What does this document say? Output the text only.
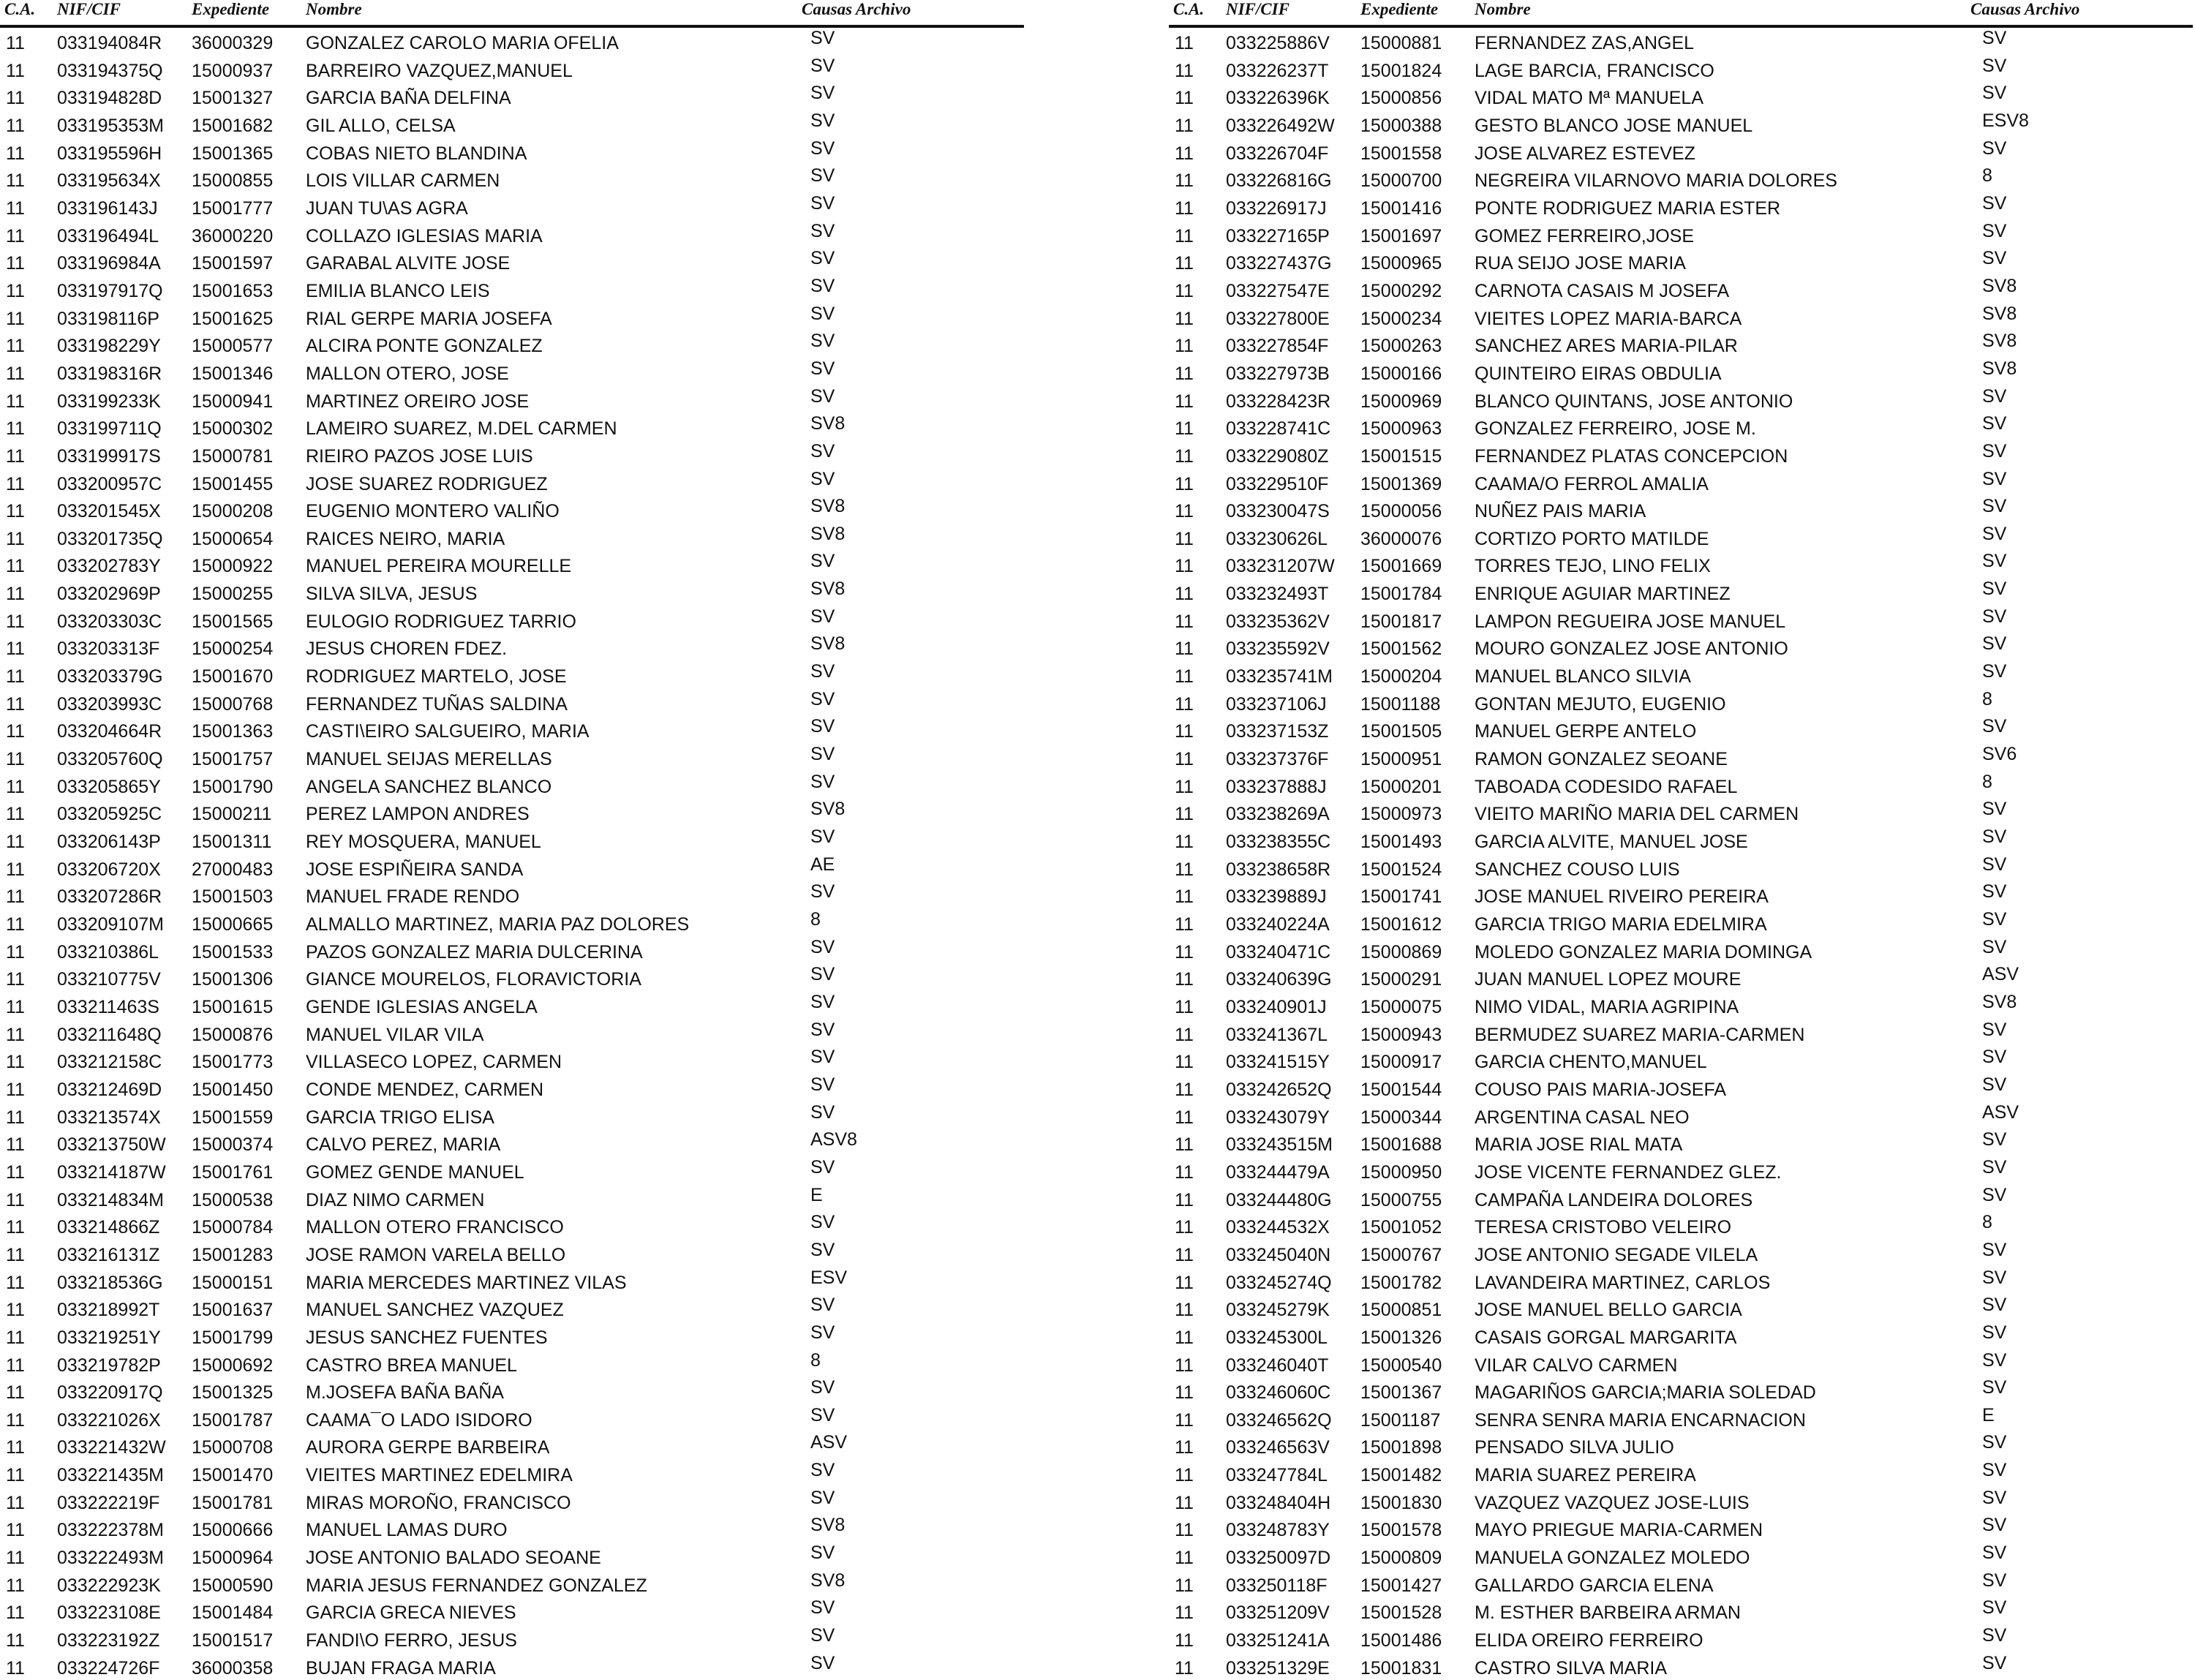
C.A. NIF/CIF	Expediente Nombre	Causas Archivo
11 033194084R 36000329 GONZALEZ CAROLO MARIA OFELIA	SV
11 033194375Q 15000937 BARREIRO VAZQUEZ,MANUEL	SV
11 033194828D 15001327 GARCIA BAÑA DELFINA	SV
11 033195353M 15001682 GIL ALLO, CELSA	SV
11 033195596H 15001365 COBAS NIETO BLANDINA	SV
11 033195634X 15000855 LOIS VILLAR CARMEN	SV
11 033196143J 15001777 JUAN TU\AS AGRA	SV
11 033196494L 36000220 COLLAZO IGLESIAS MARIA	SV
11 033196984A 15001597 GARABAL ALVITE JOSE	SV
11 033197917Q 15001653 EMILIA BLANCO LEIS	SV
11 033198116P 15001625 RIAL GERPE MARIA JOSEFA	SV
11 033198229Y 15000577 ALCIRA PONTE GONZALEZ	SV
11 033198316R 15001346 MALLON OTERO, JOSE	SV
11 033199233K 15000941 MARTINEZ OREIRO JOSE	SV
11 033199711Q 15000302 LAMEIRO SUAREZ, M.DEL CARMEN	SV8
11 033199917S 15000781 RIEIRO PAZOS JOSE LUIS	SV
11 033200957C 15001455 JOSE SUAREZ RODRIGUEZ	SV
11 033201545X 15000208 EUGENIO MONTERO VALIÑO	SV8
11 033201735Q 15000654 RAICES NEIRO, MARIA	SV8
11 033202783Y 15000922 MANUEL PEREIRA MOURELLE	SV
11 033202969P 15000255 SILVA SILVA, JESUS	SV8
11 033203303C 15001565 EULOGIO RODRIGUEZ TARRIO	SV
11 033203313F 15000254 JESUS CHOREN FDEZ.	SV8
11 033203379G 15001670 RODRIGUEZ MARTELO, JOSE	SV
11 033203993C 15000768 FERNANDEZ TUÑAS SALDINA	SV
11 033204664R 15001363 CASTI\EIRO SALGUEIRO, MARIA	SV
11 033205760Q 15001757 MANUEL SEIJAS MERELLAS	SV
11 033205865Y 15001790 ANGELA SANCHEZ BLANCO	SV
11 033205925C 15000211 PEREZ LAMPON ANDRES	SV8
11 033206143P 15001311 REY MOSQUERA, MANUEL	SV
11 033206720X 27000483 JOSE ESPIÑEIRA SANDA	AE
11 033207286R 15001503 MANUEL FRADE RENDO	SV
11 033209107M 15000665 ALMALLO MARTINEZ, MARIA PAZ DOLORES	8
11 033210386L 15001533 PAZOS GONZALEZ MARIA DULCERINA	SV
11 033210775V 15001306 GIANCE MOURELOS, FLORAVICTORIA	SV
11 033211463S 15001615 GENDE IGLESIAS ANGELA	SV
11 033211648Q 15000876 MANUEL VILAR VILA	SV
11 033212158C 15001773 VILLASECO LOPEZ, CARMEN	SV
11 033212469D 15001450 CONDE MENDEZ, CARMEN	SV
11 033213574X 15001559 GARCIA TRIGO ELISA	SV
11 033213750W 15000374 CALVO PEREZ, MARIA	ASV8
11 033214187W 15001761 GOMEZ GENDE MANUEL	SV
11 033214834M 15000538 DIAZ NIMO CARMEN	E
11 033214866Z 15000784 MALLON OTERO FRANCISCO	SV
11 033216131Z 15001283 JOSE RAMON VARELA BELLO	SV
11 033218536G 15000151 MARIA MERCEDES MARTINEZ VILAS	ESV
11 033218992T 15001637 MANUEL SANCHEZ VAZQUEZ	SV
11 033219251Y 15001799 JESUS SANCHEZ FUENTES	SV
11 033219782P 15000692 CASTRO BREA MANUEL	8
11 033220917Q 15001325 M.JOSEFA BAÑA BAÑA	SV
11 033221026X 15001787 CAAMA¯O LADO ISIDORO	SV
11 033221432W 15000708 AURORA GERPE BARBEIRA	ASV
11 033221435M 15001470 VIEITES MARTINEZ EDELMIRA	SV
11 033222219F 15001781 MIRAS MOROÑO, FRANCISCO	SV
11 033222378M 15000666 MANUEL LAMAS DURO	SV8
11 033222493M 15000964 JOSE ANTONIO BALADO SEOANE	SV
11 033222923K 15000590 MARIA JESUS FERNANDEZ GONZALEZ	SV8
11 033223108E 15001484 GARCIA GRECA NIEVES	SV
11 033223192Z 15001517 FANDI\O FERRO, JESUS	SV
11 033224726F 36000358 BUJAN FRAGA MARIA	SV
C.A. NIF/CIF	Expediente Nombre	Causas Archivo
11 033225886V 15000881 FERNANDEZ ZAS,ANGEL	SV
11 033226237T 15001824 LAGE BARCIA, FRANCISCO	SV
11 033226396K 15000856 VIDAL MATO Mª MANUELA	SV
11 033226492W 15000388 GESTO BLANCO JOSE MANUEL	ESV8
11 033226704F 15001558 JOSE ALVAREZ ESTEVEZ	SV
11 033226816G 15000700 NEGREIRA VILARNOVO MARIA DOLORES	8
11 033226917J 15001416 PONTE RODRIGUEZ MARIA ESTER	SV
11 033227165P 15001697 GOMEZ FERREIRO,JOSE	SV
11 033227437G 15000965 RUA SEIJO JOSE MARIA	SV
11 033227547E 15000292 CARNOTA CASAIS M JOSEFA	SV8
11 033227800E 15000234 VIEITES LOPEZ MARIA-BARCA	SV8
11 033227854F 15000263 SANCHEZ ARES MARIA-PILAR	SV8
11 033227973B 15000166 QUINTEIRO EIRAS OBDULIA	SV8
11 033228423R 15000969 BLANCO QUINTANS, JOSE ANTONIO	SV
11 033228741C 15000963 GONZALEZ FERREIRO, JOSE M.	SV
11 033229080Z 15001515 FERNANDEZ PLATAS CONCEPCION	SV
11 033229510F 15001369 CAAMA/O FERROL AMALIA	SV
11 033230047S 15000056 NUÑEZ PAIS MARIA	SV
11 033230626L 36000076 CORTIZO PORTO MATILDE	SV
11 033231207W 15001669 TORRES TEJO, LINO FELIX	SV
11 033232493T 15001784 ENRIQUE AGUIAR MARTINEZ	SV
11 033235362V 15001817 LAMPON REGUEIRA JOSE MANUEL	SV
11 033235592V 15001562 MOURO GONZALEZ JOSE ANTONIO	SV
11 033235741M 15000204 MANUEL BLANCO SILVIA	SV
11 033237106J 15001188 GONTAN MEJUTO, EUGENIO	8
11 033237153Z 15001505 MANUEL GERPE ANTELO	SV
11 033237376F 15000951 RAMON GONZALEZ SEOANE	SV6
11 033237888J 15000201 TABOADA CODESIDO RAFAEL	8
11 033238269A 15000973 VIEITO MARIÑO MARIA DEL CARMEN	SV
11 033238355C 15001493 GARCIA ALVITE, MANUEL JOSE	SV
11 033238658R 15001524 SANCHEZ COUSO LUIS	SV
11 033239889J 15001741 JOSE MANUEL RIVEIRO PEREIRA	SV
11 033240224A 15001612 GARCIA TRIGO MARIA EDELMIRA	SV
11 033240471C 15000869 MOLEDO GONZALEZ MARIA DOMINGA	SV
11 033240639G 15000291 JUAN MANUEL LOPEZ MOURE	ASV
11 033240901J 15000075 NIMO VIDAL, MARIA AGRIPINA	SV8
11 033241367L 15000943 BERMUDEZ SUAREZ MARIA-CARMEN	SV
11 033241515Y 15000917 GARCIA CHENTO,MANUEL	SV
11 033242652Q 15001544 COUSO PAIS MARIA-JOSEFA	SV
11 033243079Y 15000344 ARGENTINA CASAL NEO	ASV
11 033243515M 15001688 MARIA JOSE RIAL MATA	SV
11 033244479A 15000950 JOSE VICENTE FERNANDEZ GLEZ.	SV
11 033244480G 15000755 CAMPAÑA LANDEIRA DOLORES	SV
11 033244532X 15001052 TERESA CRISTOBO VELEIRO	8
11 033245040N 15000767 JOSE ANTONIO SEGADE VILELA	SV
11 033245274Q 15001782 LAVANDEIRA MARTINEZ, CARLOS	SV
11 033245279K 15000851 JOSE MANUEL BELLO GARCIA	SV
11 033245300L 15001326 CASAIS GORGAL MARGARITA	SV
11 033246040T 15000540 VILAR CALVO CARMEN	SV
11 033246060C 15001367 MAGARIÑOS GARCIA;MARIA SOLEDAD	SV
11 033246562Q 15001187 SENRA SENRA MARIA ENCARNACION	E
11 033246563V 15001898 PENSADO SILVA JULIO	SV
11 033247784L 15001482 MARIA SUAREZ PEREIRA	SV
11 033248404H 15001830 VAZQUEZ VAZQUEZ JOSE-LUIS	SV
11 033248783Y 15001578 MAYO PRIEGUE MARIA-CARMEN	SV
11 033250097D 15000809 MANUELA GONZALEZ MOLEDO	SV
11 033250118F 15001427 GALLARDO GARCIA ELENA	SV
11 033251209V 15001528 M. ESTHER BARBEIRA ARMAN	SV
11 033251241A 15001486 ELIDA OREIRO FERREIRO	SV
11 033251329E 15001831 CASTRO SILVA MARIA	SV
